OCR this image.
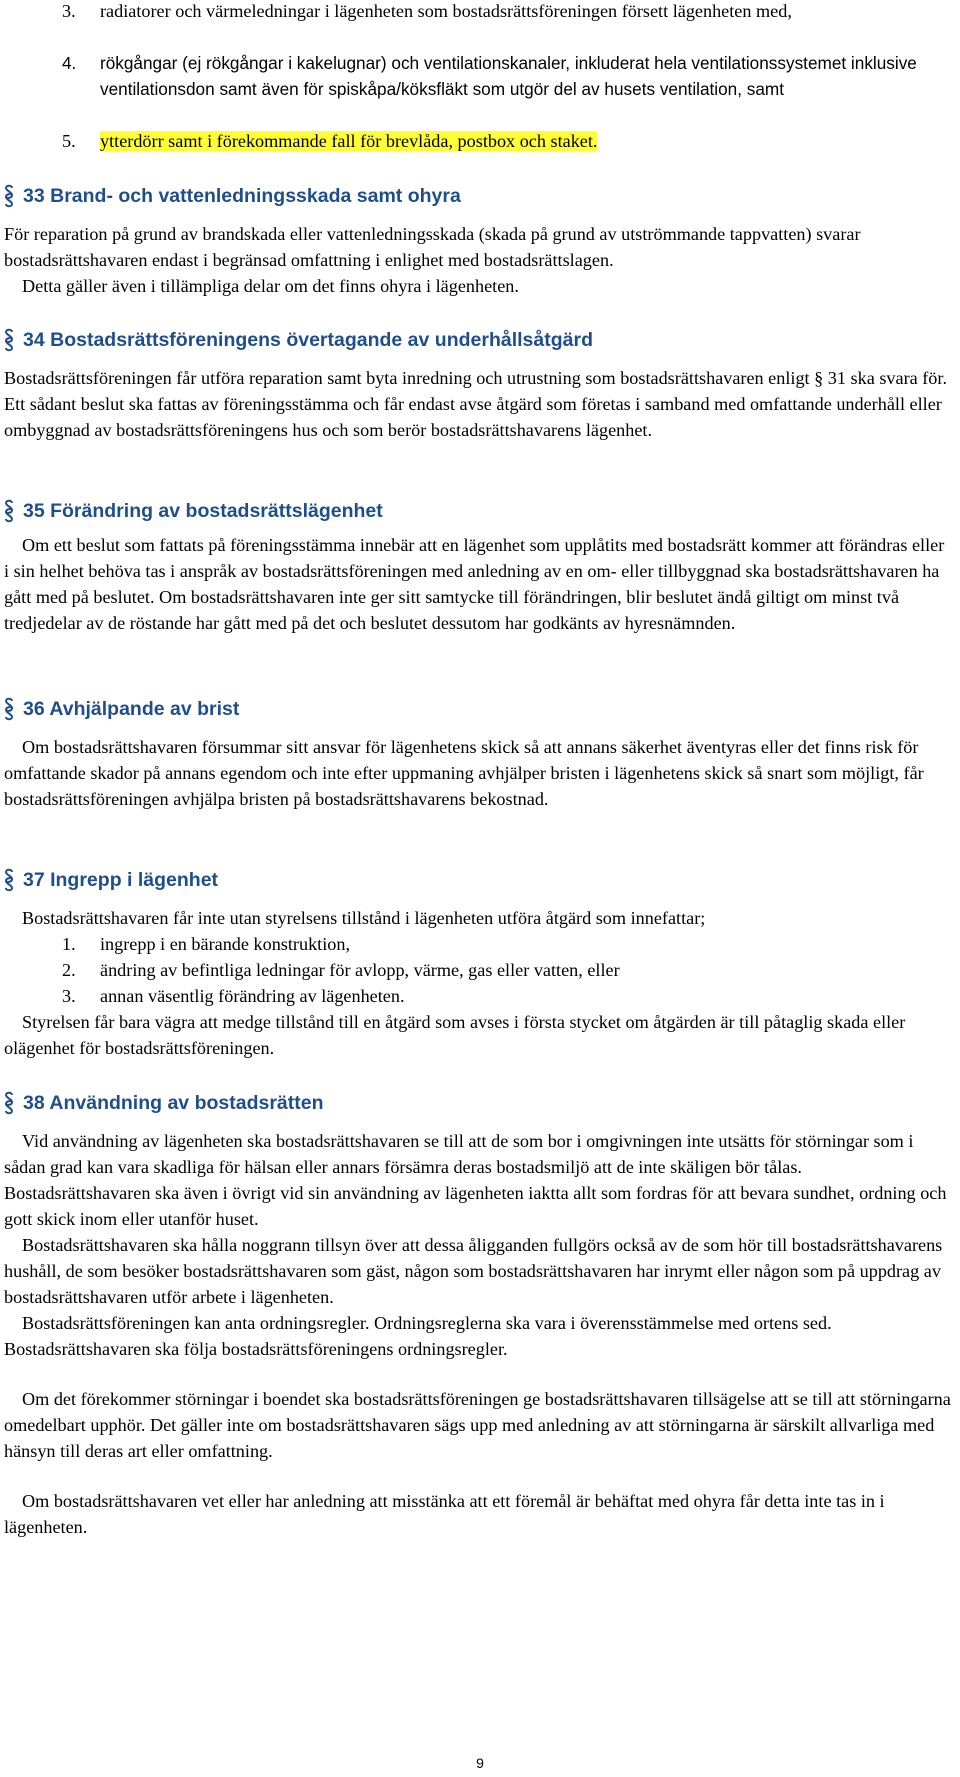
3. radiatorer och värmeledningar i lägenheten som bostadsrättsföreningen försett lägenheten med,
4. rökgångar (ej rökgångar i kakelugnar) och ventilationskanaler, inkluderat hela ventilationssystemet inklusive ventilationsdon samt även för spiskåpa/köksfläkt som utgör del av husets ventilation, samt
5. ytterdörr samt i förekommande fall för brevlåda, postbox och staket.
33 Brand- och vattenledningsskada samt ohyra

För reparation på grund av brandskada eller vattenledningsskada (skada på grund av utströmmande tappvatten) svarar bostadsrättshavaren endast i begränsad omfattning i enlighet med bostadsrättslagen.

Detta gäller även i tillämpliga delar om det finns ohyra i lägenheten.

34 Bostadsrättsföreningens övertagande av underhållsåtgärd

Bostadsrättsföreningen får utföra reparation samt byta inredning och utrustning som bostadsrättshavaren enligt § 31 ska svara för. Ett sådant beslut ska fattas av föreningsstämma och får endast avse åtgärd som företas i samband med omfattande underhåll eller ombyggnad av bostadsrättsföreningens hus och som berör bostadsrättshavarens lägenhet.

35 Förändring av bostadsrättslägenhet

Om ett beslut som fattats på föreningsstämma innebär att en lägenhet som upplåtits med bostadsrätt kommer att förändras eller i sin helhet behöva tas i anspråk av bostadsrättsföreningen med anledning av en om- eller tillbyggnad ska bostadsrättshavaren ha gått med på beslutet. Om bostadsrättshavaren inte ger sitt samtycke till förändringen, blir beslutet ändå giltigt om minst två tredjedelar av de röstande har gått med på det och beslutet dessutom har godkänts av hyresnämnden.

36 Avhjälpande av brist

Om bostadsrättshavaren försummar sitt ansvar för lägenhetens skick så att annans säkerhet äventyras eller det finns risk för omfattande skador på annans egendom och inte efter uppmaning avhjälper bristen i lägenhetens skick så snart som möjligt, får bostadsrättsföreningen avhjälpa bristen på bostadsrättshavarens bekostnad.

37 Ingrepp i lägenhet

Bostadsrättshavaren får inte utan styrelsens tillstånd i lägenheten utföra åtgärd som innefattar;

1. ingrepp i en bärande konstruktion,
2. ändring av befintliga ledningar för avlopp, värme, gas eller vatten, eller
3. annan väsentlig förändring av lägenheten.

Styrelsen får bara vägra att medge tillstånd till en åtgärd som avses i första stycket om åtgärden är till påtaglig skada eller olägenhet för bostadsrättsföreningen.

38 Användning av bostadsrätten

Vid användning av lägenheten ska bostadsrättshavaren se till att de som bor i omgivningen inte utsätts för störningar som i sådan grad kan vara skadliga för hälsan eller annars försämra deras bostadsmiljö att de inte skäligen bör tålas. Bostadsrättshavaren ska även i övrigt vid sin användning av lägenheten iaktta allt som fordras för att bevara sundhet, ordning och gott skick inom eller utanför huset.

Bostadsrättshavaren ska hålla noggrann tillsyn över att dessa åligganden fullgörs också av de som hör till bostadsrättshavarens hushåll, de som besöker bostadsrättshavaren som gäst, någon som bostadsrättshavaren har inrymt eller någon som på uppdrag av bostadsrättshavaren utför arbete i lägenheten.

Bostadsrättsföreningen kan anta ordningsregler. Ordningsreglerna ska vara i överensstämmelse med ortens sed. Bostadsrättshavaren ska följa bostadsrättsföreningens ordningsregler.

Om det förekommer störningar i boendet ska bostadsrättsföreningen ge bostadsrättshavaren tillsägelse att se till att störningarna omedelbart upphör. Det gäller inte om bostadsrättshavaren sägs upp med anledning av att störningarna är särskilt allvarliga med hänsyn till deras art eller omfattning.

Om bostadsrättshavaren vet eller har anledning att misstänka att ett föremål är behäftat med ohyra får detta inte tas in i lägenheten.

9
